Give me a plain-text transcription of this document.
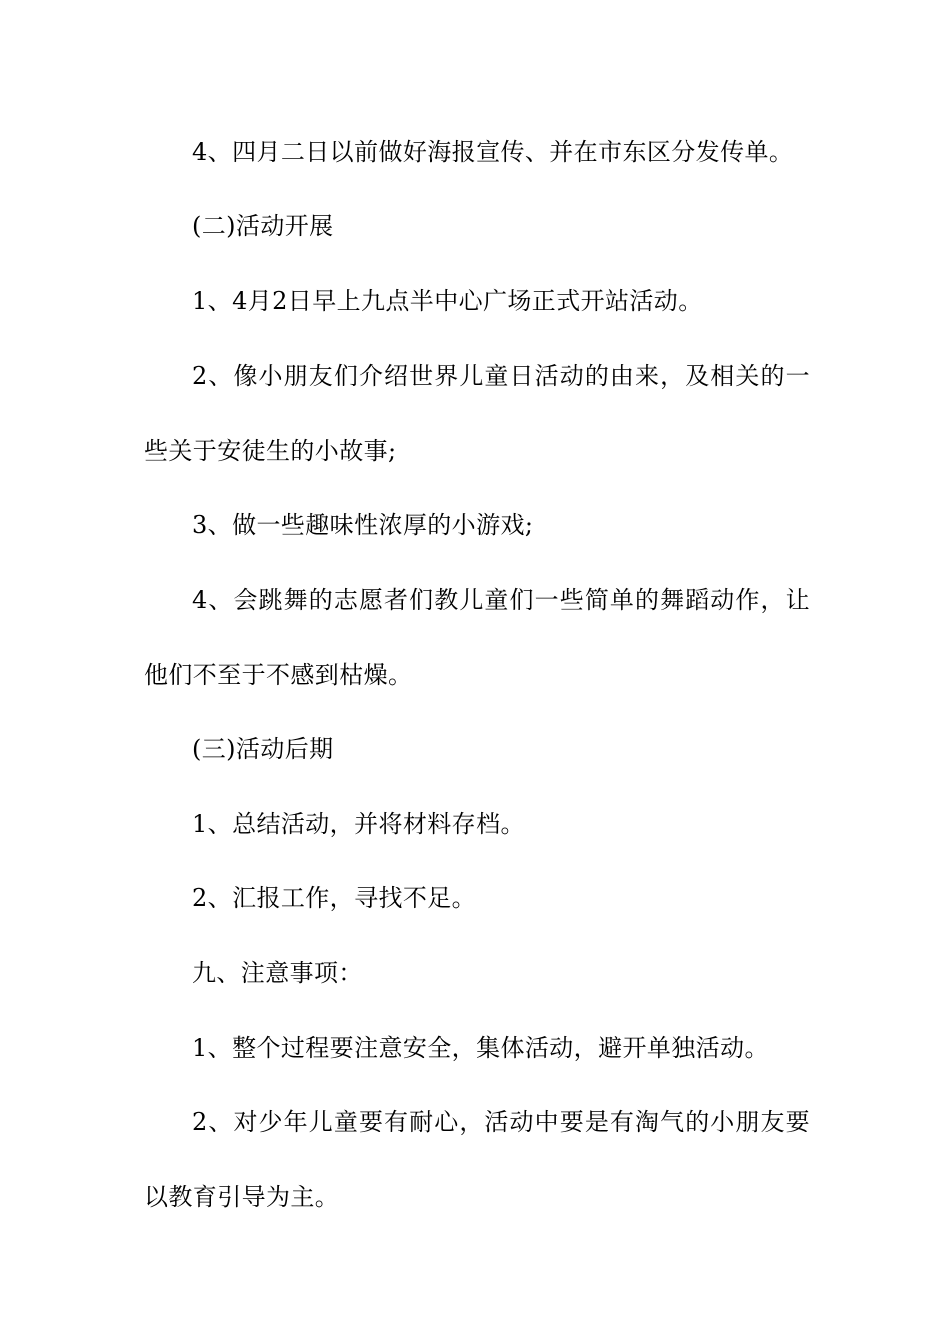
4、四月二日以前做好海报宣传、并在市东区分发传单。

(二)活动开展

1、4月2日早上九点半中心广场正式开站活动。

2、像小朋友们介绍世界儿童日活动的由来，及相关的一些关于安徒生的小故事;

3、做一些趣味性浓厚的小游戏;

4、会跳舞的志愿者们教儿童们一些简单的舞蹈动作，让他们不至于不感到枯燥。

(三)活动后期

1、总结活动，并将材料存档。

2、汇报工作，寻找不足。

九、注意事项：

1、整个过程要注意安全，集体活动，避开单独活动。

2、对少年儿童要有耐心，活动中要是有淘气的小朋友要以教育引导为主。
